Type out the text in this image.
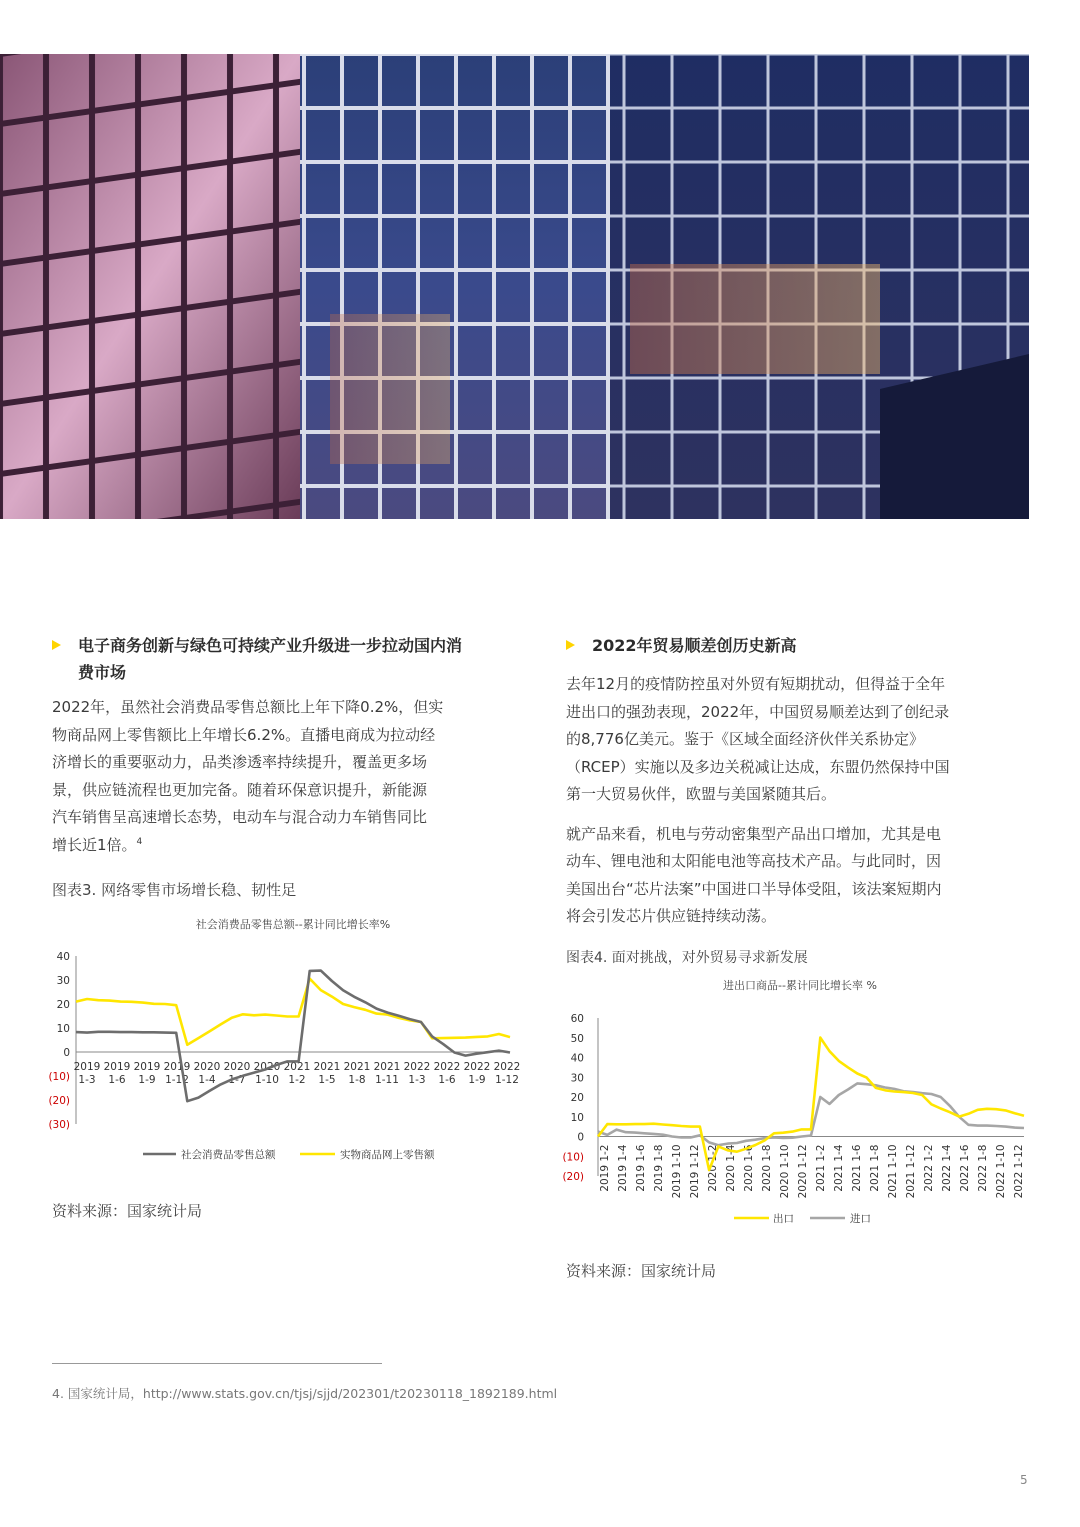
电子商务创新与绿色可持续产业升级进一步拉动国内消
费市场
2022年，虽然社会消费品零售总额比上年下降0.2%，但实
物商品网上零售额比上年增长6.2%。直播电商成为拉动经
济增长的重要驱动力，品类渗透率持续提升，覆盖更多场
景，供应链流程也更加完备。随着环保意识提升，新能源
汽车销售呈高速增长态势，电动车与混合动力车销售同比
增长近1倍。$^4$
图表3. 网络零售市场增长稳、韧性足
社会消费品零售总额--累计同比增长率%
40
30
20
10
0
(10)
(20)
(30)
2019
1-3
2019
1-6
2019
1-9
2019
1-12
2020
1-4
2020
1-7
2020
1-10
2021
1-2
2021
1-5
2021
1-8
2021
1-11
2022
1-3
2022
1-6
2022
1-9
2022
1-12
社会消费品零售总额	实物商品网上零售额
资料来源：国家统计局
2022年贸易顺差创历史新高
去年12月的疫情防控虽对外贸有短期扰动，但得益于全年
进出口的强劲表现，2022年，中国贸易顺差达到了创纪录
的8,776亿美元。鉴于《区域全面经济伙伴关系协定》
（RCEP）实施以及多边关税减让达成，东盟仍然保持中国
第一大贸易伙伴，欧盟与美国紧随其后。
就产品来看，机电与劳动密集型产品出口增加，尤其是电
动车、锂电池和太阳能电池等高技术产品。与此同时，因
美国出台“芯片法案”中国进口半导体受阻，该法案短期内
将会引发芯片供应链持续动荡。
图表4. 面对挑战，对外贸易寻求新发展
进出口商品--累计同比增长率 %
60
50
40
30
20
10
0
(10)
(20) 2019 1-2 2019 1-4 2019 1-6 2019 1-8 2019 1-10 2019 1-12 2020 1-2 2020 1-4 2020 1-6 2020 1-8 2020 1-10 2020 1-12 2021 1-2 2021 1-4 2021 1-6 2021 1-8 2021 1-10 2021 1-12 2022 1-2 2022 1-4 2022 1-6 2022 1-8 2022 1-10 2022 1-12
出口	进口
资料来源：国家统计局
4. 国家统计局，http://www.stats.gov.cn/tjsj/sjjd/202301/t20230118_1892189.html
5
